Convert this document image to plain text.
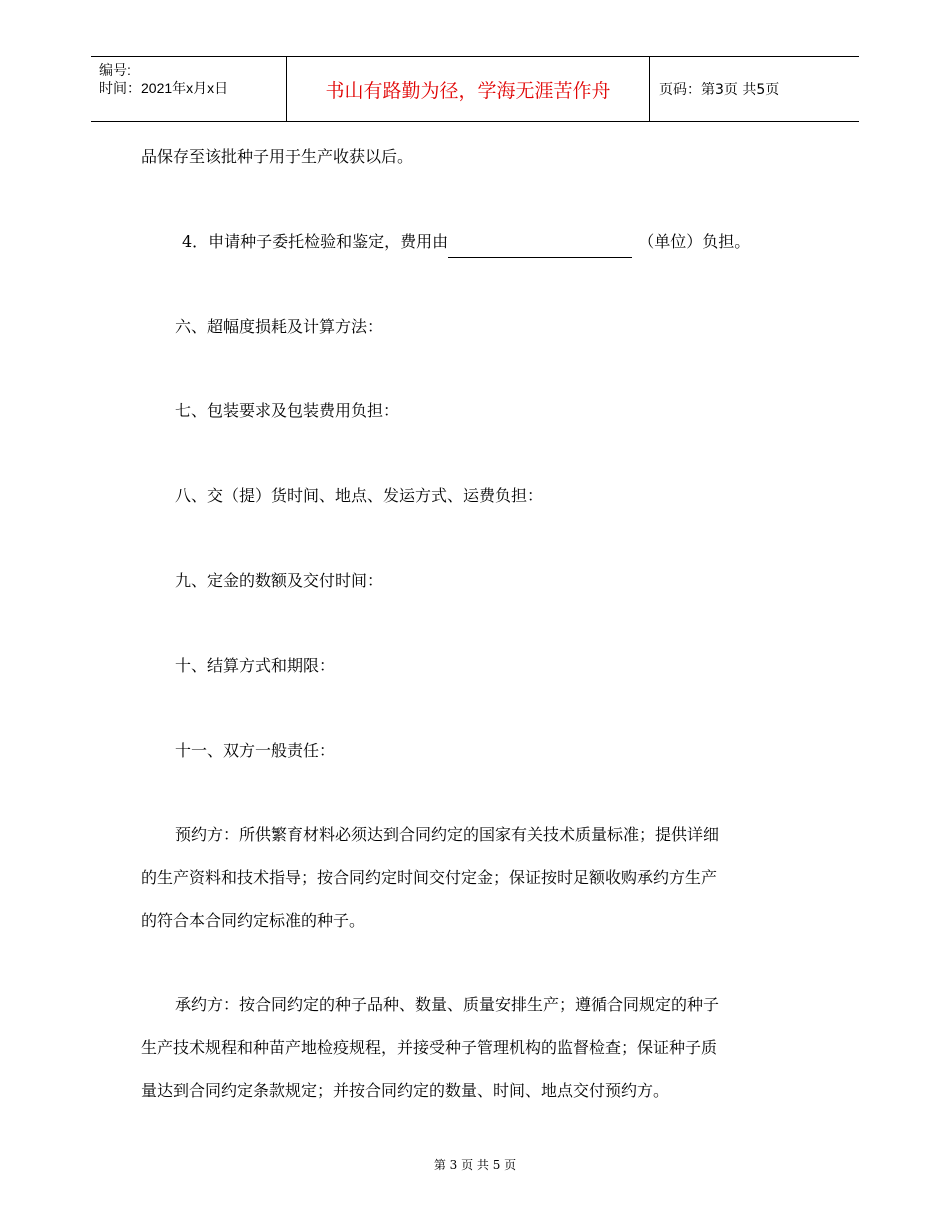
编号:
时间：2021年x月x日	书山有路勤为径，学海无涯苦作舟	页码：第3页 共5页
品保存至该批种子用于生产收获以后。
4．申请种子委托检验和鉴定，费用由	（单位）负担。
六、超幅度损耗及计算方法：
七、包装要求及包装费用负担：
八、交（提）货时间、地点、发运方式、运费负担：
九、定金的数额及交付时间：
十、结算方式和期限：
十一、双方一般责任：
预约方：所供繁育材料必须达到合同约定的国家有关技术质量标准；提供详细
的生产资料和技术指导；按合同约定时间交付定金；保证按时足额收购承约方生产
的符合本合同约定标准的种子。
承约方：按合同约定的种子品种、数量、质量安排生产；遵循合同规定的种子
生产技术规程和种苗产地检疫规程，并接受种子管理机构的监督检查；保证种子质
量达到合同约定条款规定；并按合同约定的数量、时间、地点交付预约方。
第 3 页 共 5 页
